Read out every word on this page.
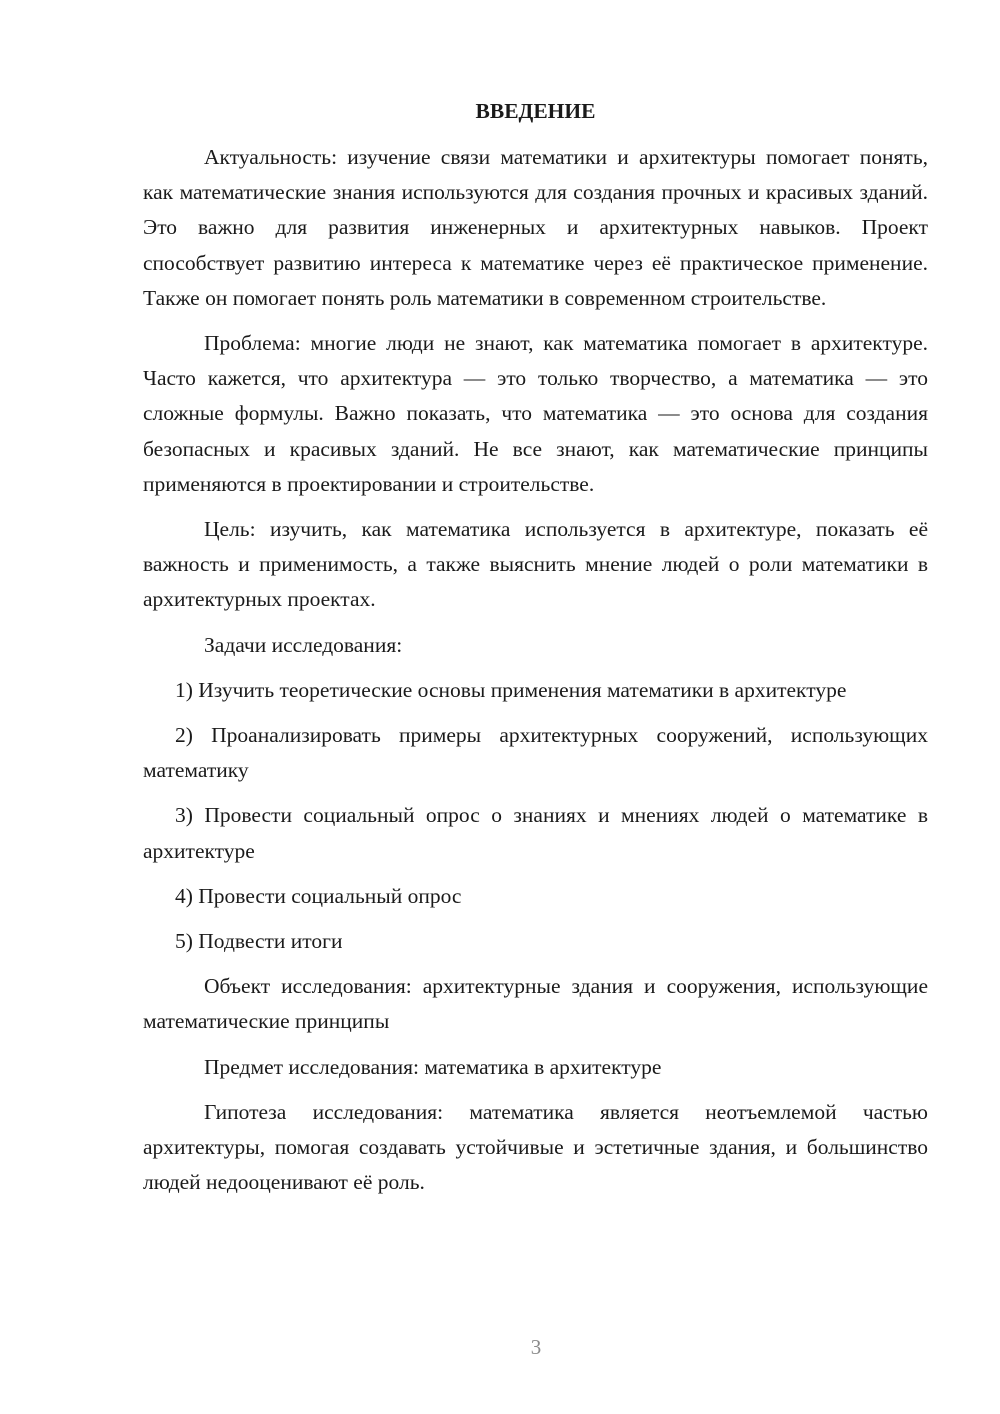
ВВЕДЕНИЕ

Актуальность: изучение связи математики и архитектуры помогает понять, как математические знания используются для создания прочных и красивых зданий. Это важно для развития инженерных и архитектурных навыков. Проект способствует развитию интереса к математике через её практическое применение. Также он помогает понять роль математики в современном строительстве.

Проблема: многие люди не знают, как математика помогает в архитектуре. Часто кажется, что архитектура — это только творчество, а математика — это сложные формулы. Важно показать, что математика — это основа для создания безопасных и красивых зданий. Не все знают, как математические принципы применяются в проектировании и строительстве.

Цель: изучить, как математика используется в архитектуре, показать её важность и применимость, а также выяснить мнение людей о роли математики в архитектурных проектах.

Задачи исследования:

1) Изучить теоретические основы применения математики в архитектуре

2) Проанализировать примеры архитектурных сооружений, использующих математику

3) Провести социальный опрос о знаниях и мнениях людей о математике в архитектуре

4) Провести социальный опрос

5) Подвести итоги

Объект исследования: архитектурные здания и сооружения, использующие математические принципы

Предмет исследования: математика в архитектуре

Гипотеза исследования: математика является неотъемлемой частью архитектуры, помогая создавать устойчивые и эстетичные здания, и большинство людей недооценивают её роль.

3
